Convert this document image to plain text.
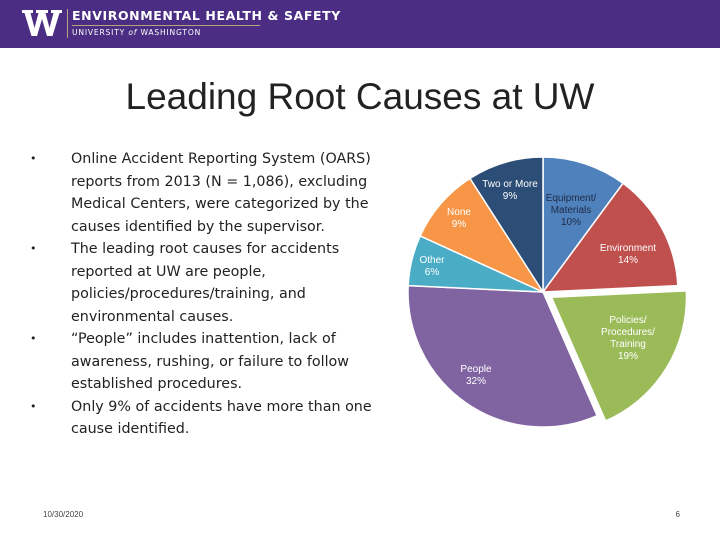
ENVIRONMENTAL HEALTH & SAFETY
UNIVERSITY of WASHINGTON
Leading Root Causes at UW
• Online Accident Reporting System (OARS) reports from 2013 (N = 1,086), excluding Medical Centers, were categorized by the causes identified by the supervisor.
• The leading root causes for accidents reported at UW are people, policies/procedures/training, and environmental causes.
• “People” includes inattention, lack of awareness, rushing, or failure to follow established procedures.
• Only 9% of accidents have more than one cause identified.
Equipment/ Materials 10%
Environment 14%
Policies/ Procedures/ Training 19%
People 32%
Other 6%
None 9%
Two or More 9%
10/30/2020	6
